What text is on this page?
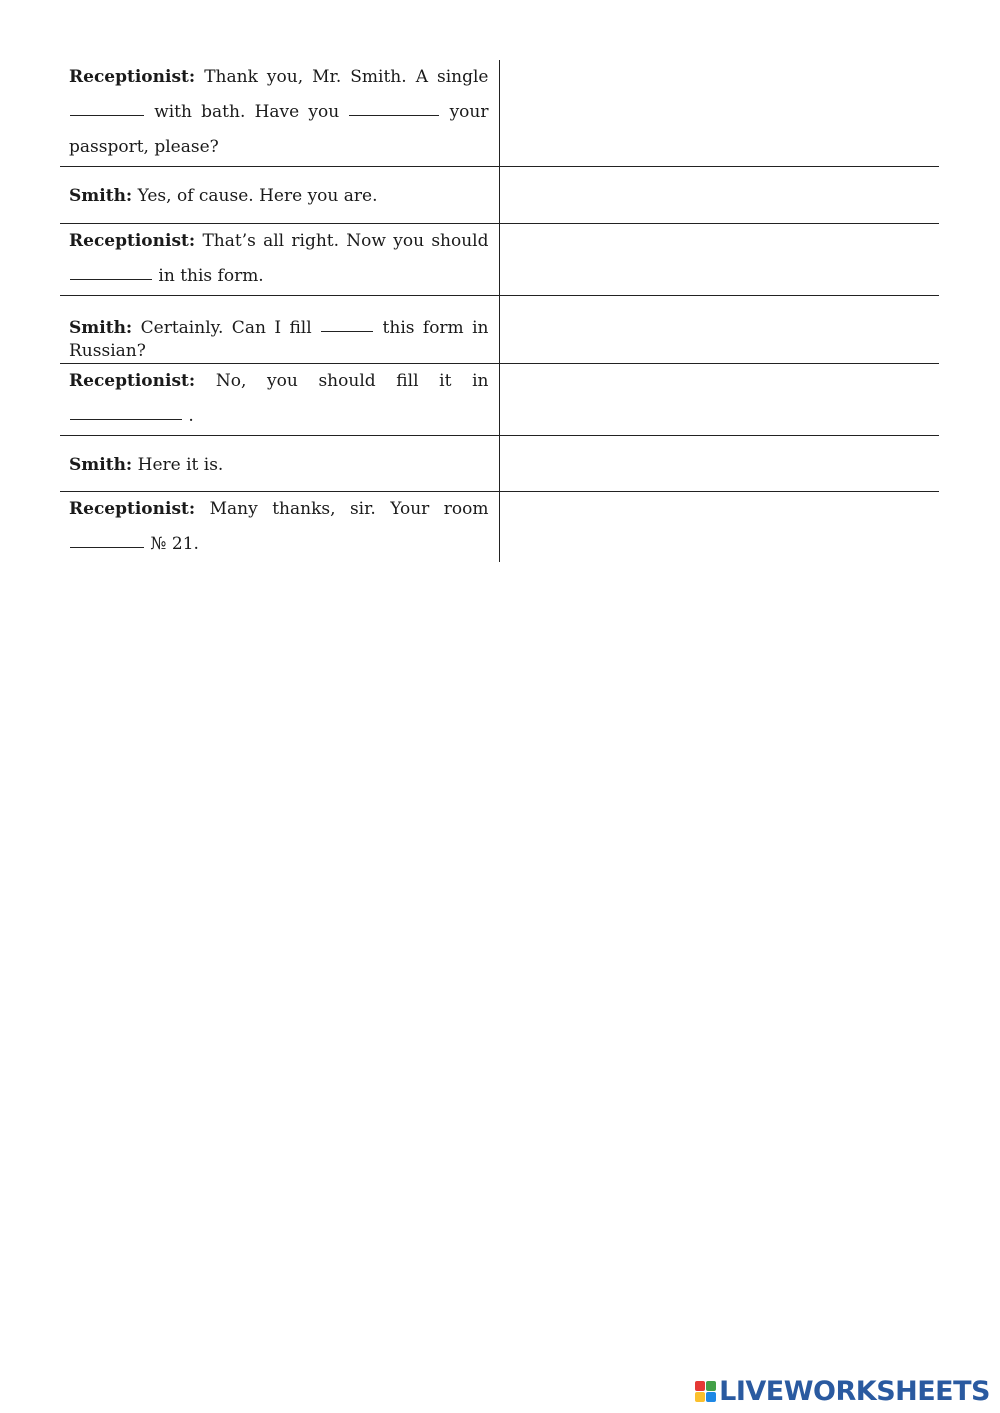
Receptionist: Thank you, Mr. Smith. A single  with bath. Have you your passport, please?	

Smith: Yes, of cause. Here you are.	

Receptionist: That’s all right. Now you should  in this form.	

Smith: Certainly. Can I fill this form in Russian?	

Receptionist: No, you should fill it in  .	

Smith: Here it is.	

Receptionist: Many thanks, sir. Your room  № 21.	

LIVEWORKSHEETS
